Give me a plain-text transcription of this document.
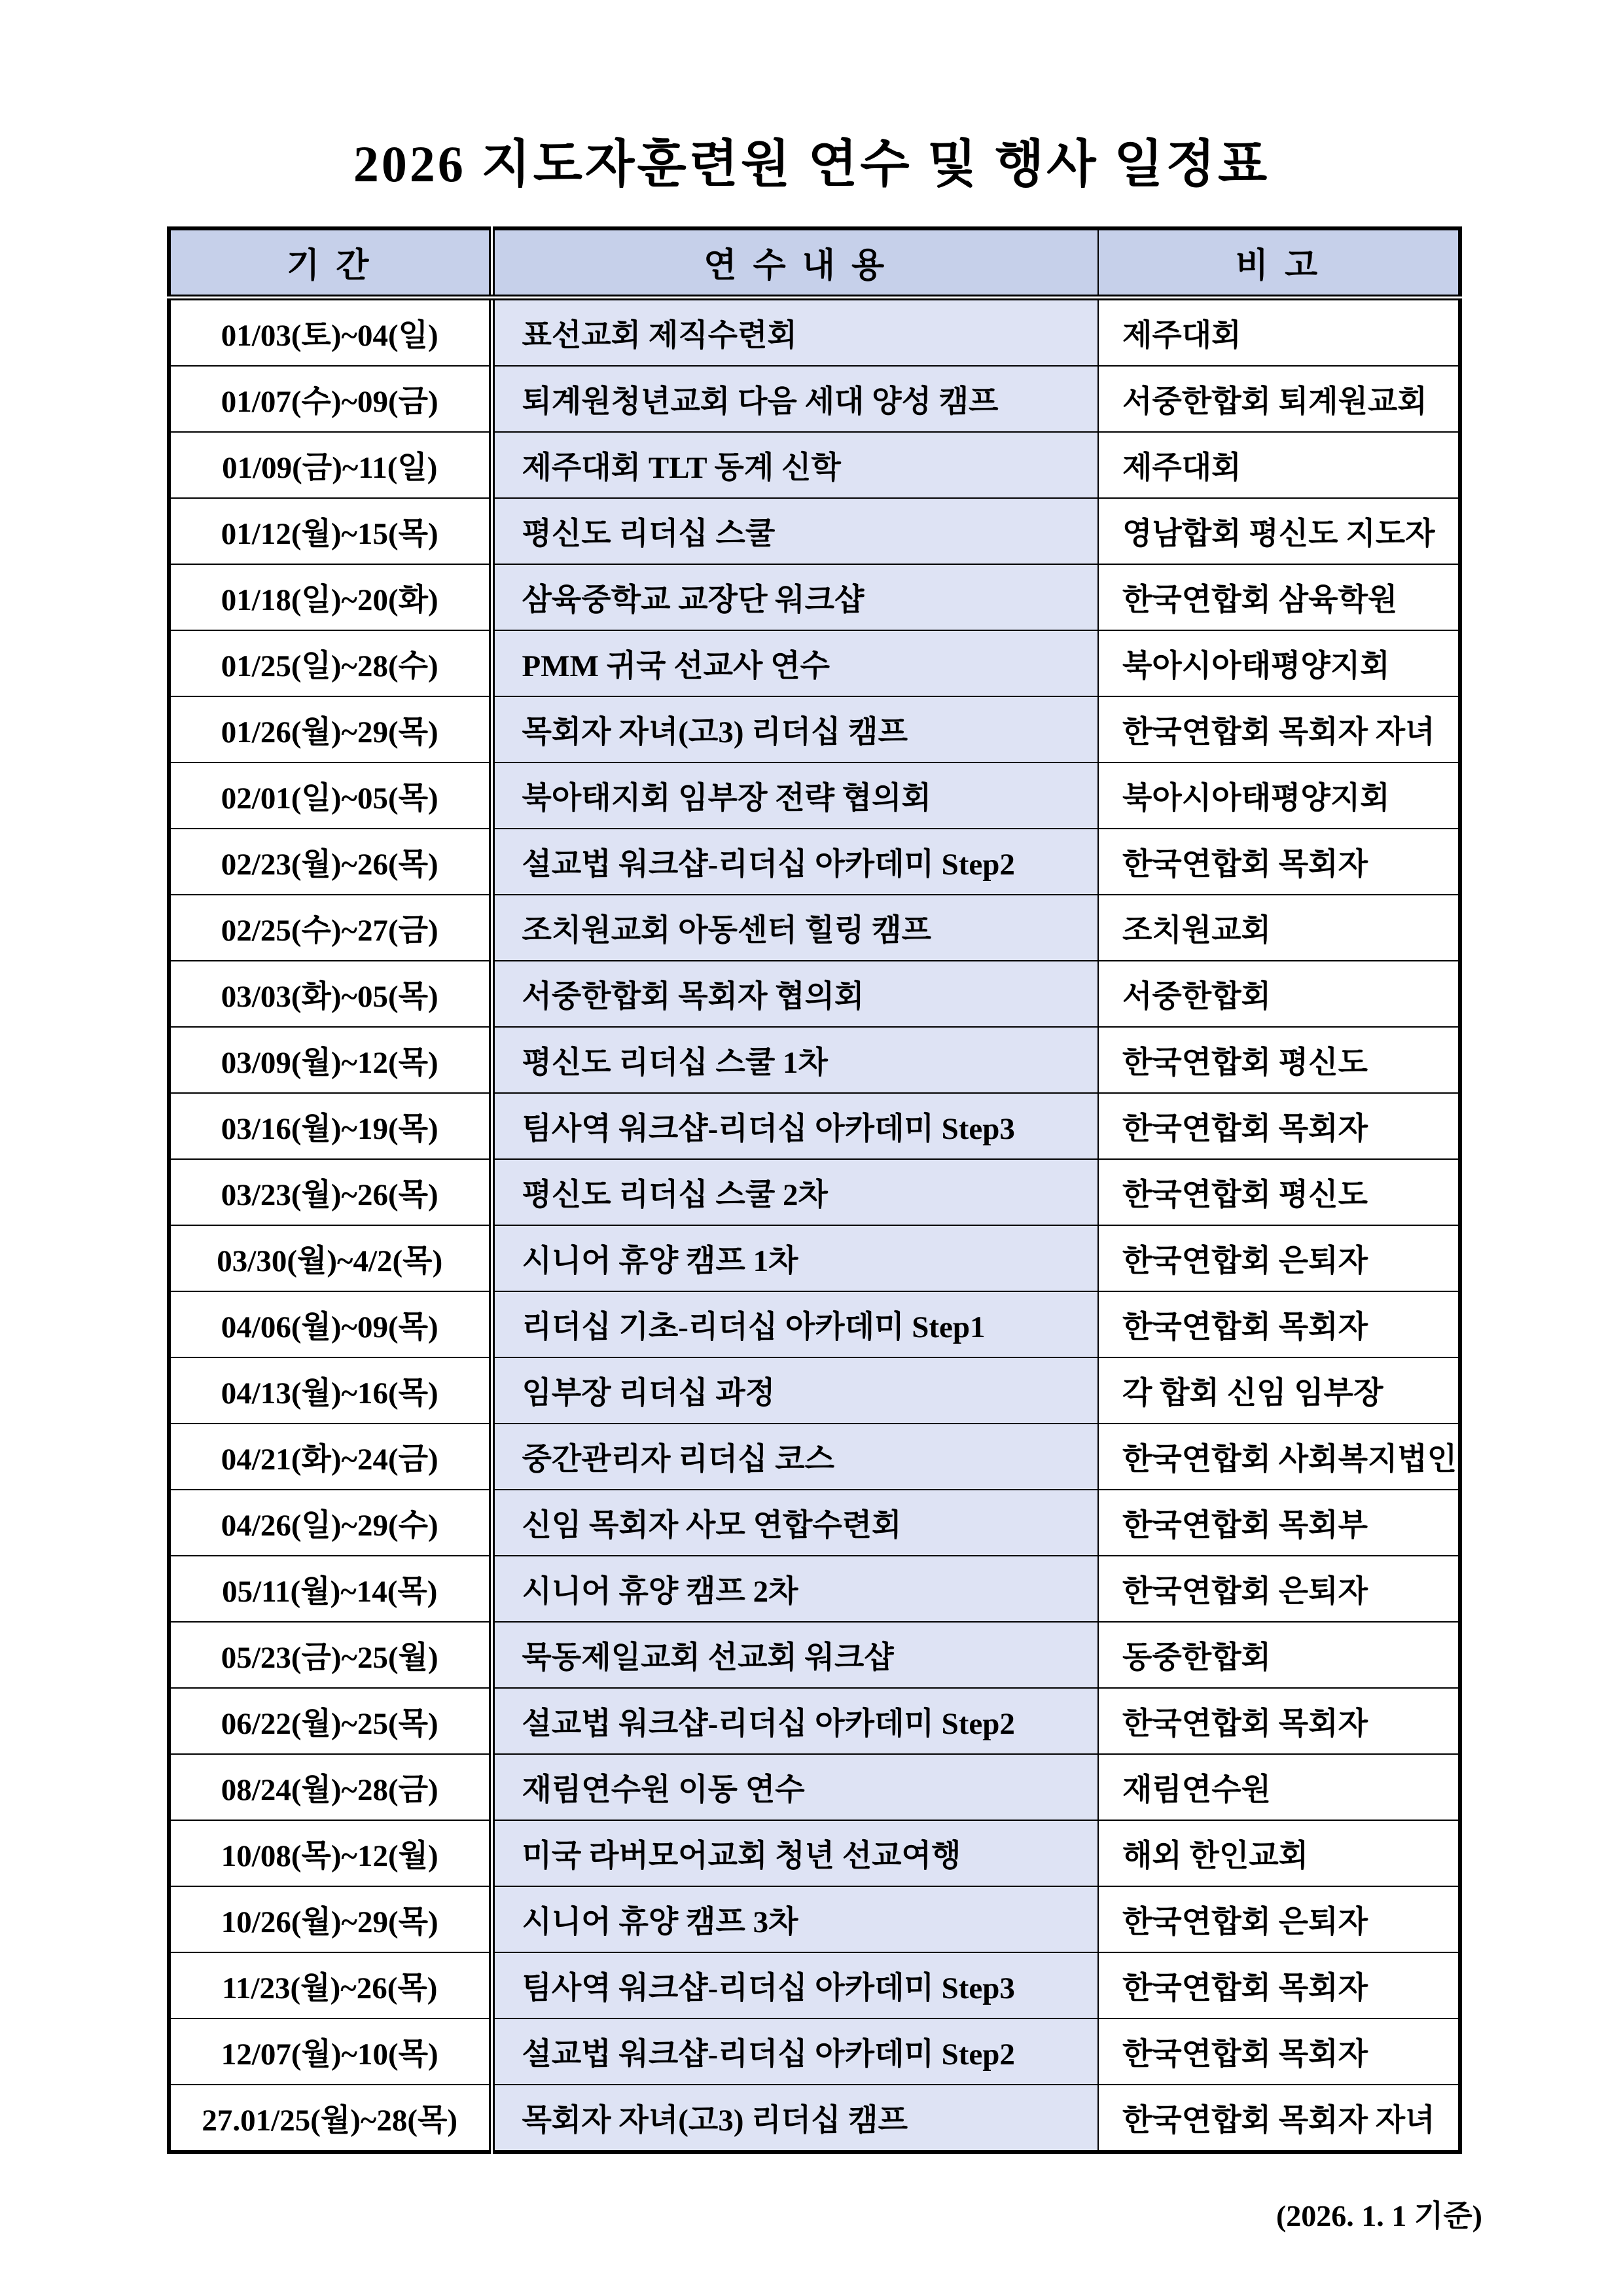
2026 지도자훈련원 연수 및 행사 일정표
기 간	연 수 내 용	비 고
01/03(토)~04(일)	표선교회 제직수련회	제주대회
01/07(수)~09(금)	퇴계원청년교회 다음 세대 양성 캠프	서중한합회 퇴계원교회
01/09(금)~11(일)	제주대회 TLT 동계 신학	제주대회
01/12(월)~15(목)	평신도 리더십 스쿨	영남합회 평신도 지도자
01/18(일)~20(화)	삼육중학교 교장단 워크샵	한국연합회 삼육학원
01/25(일)~28(수)	PMM 귀국 선교사 연수	북아시아태평양지회
01/26(월)~29(목)	목회자 자녀(고3) 리더십 캠프	한국연합회 목회자 자녀
02/01(일)~05(목)	북아태지회 임부장 전략 협의회	북아시아태평양지회
02/23(월)~26(목)	설교법 워크샵-리더십 아카데미 Step2	한국연합회 목회자
02/25(수)~27(금)	조치원교회 아동센터 힐링 캠프	조치원교회
03/03(화)~05(목)	서중한합회 목회자 협의회	서중한합회
03/09(월)~12(목)	평신도 리더십 스쿨 1차	한국연합회 평신도
03/16(월)~19(목)	팀사역 워크샵-리더십 아카데미 Step3	한국연합회 목회자
03/23(월)~26(목)	평신도 리더십 스쿨 2차	한국연합회 평신도
03/30(월)~4/2(목)	시니어 휴양 캠프 1차	한국연합회 은퇴자
04/06(월)~09(목)	리더십 기초-리더십 아카데미 Step1	한국연합회 목회자
04/13(월)~16(목)	임부장 리더십 과정	각 합회 신임 임부장
04/21(화)~24(금)	중간관리자 리더십 코스	한국연합회 사회복지법인
04/26(일)~29(수)	신임 목회자 사모 연합수련회	한국연합회 목회부
05/11(월)~14(목)	시니어 휴양 캠프 2차	한국연합회 은퇴자
05/23(금)~25(월)	묵동제일교회 선교회 워크샵	동중한합회
06/22(월)~25(목)	설교법 워크샵-리더십 아카데미 Step2	한국연합회 목회자
08/24(월)~28(금)	재림연수원 이동 연수	재림연수원
10/08(목)~12(월)	미국 라버모어교회 청년 선교여행	해외 한인교회
10/26(월)~29(목)	시니어 휴양 캠프 3차	한국연합회 은퇴자
11/23(월)~26(목)	팀사역 워크샵-리더십 아카데미 Step3	한국연합회 목회자
12/07(월)~10(목)	설교법 워크샵-리더십 아카데미 Step2	한국연합회 목회자
27.01/25(월)~28(목)	목회자 자녀(고3) 리더십 캠프	한국연합회 목회자 자녀
(2026. 1. 1 기준)
